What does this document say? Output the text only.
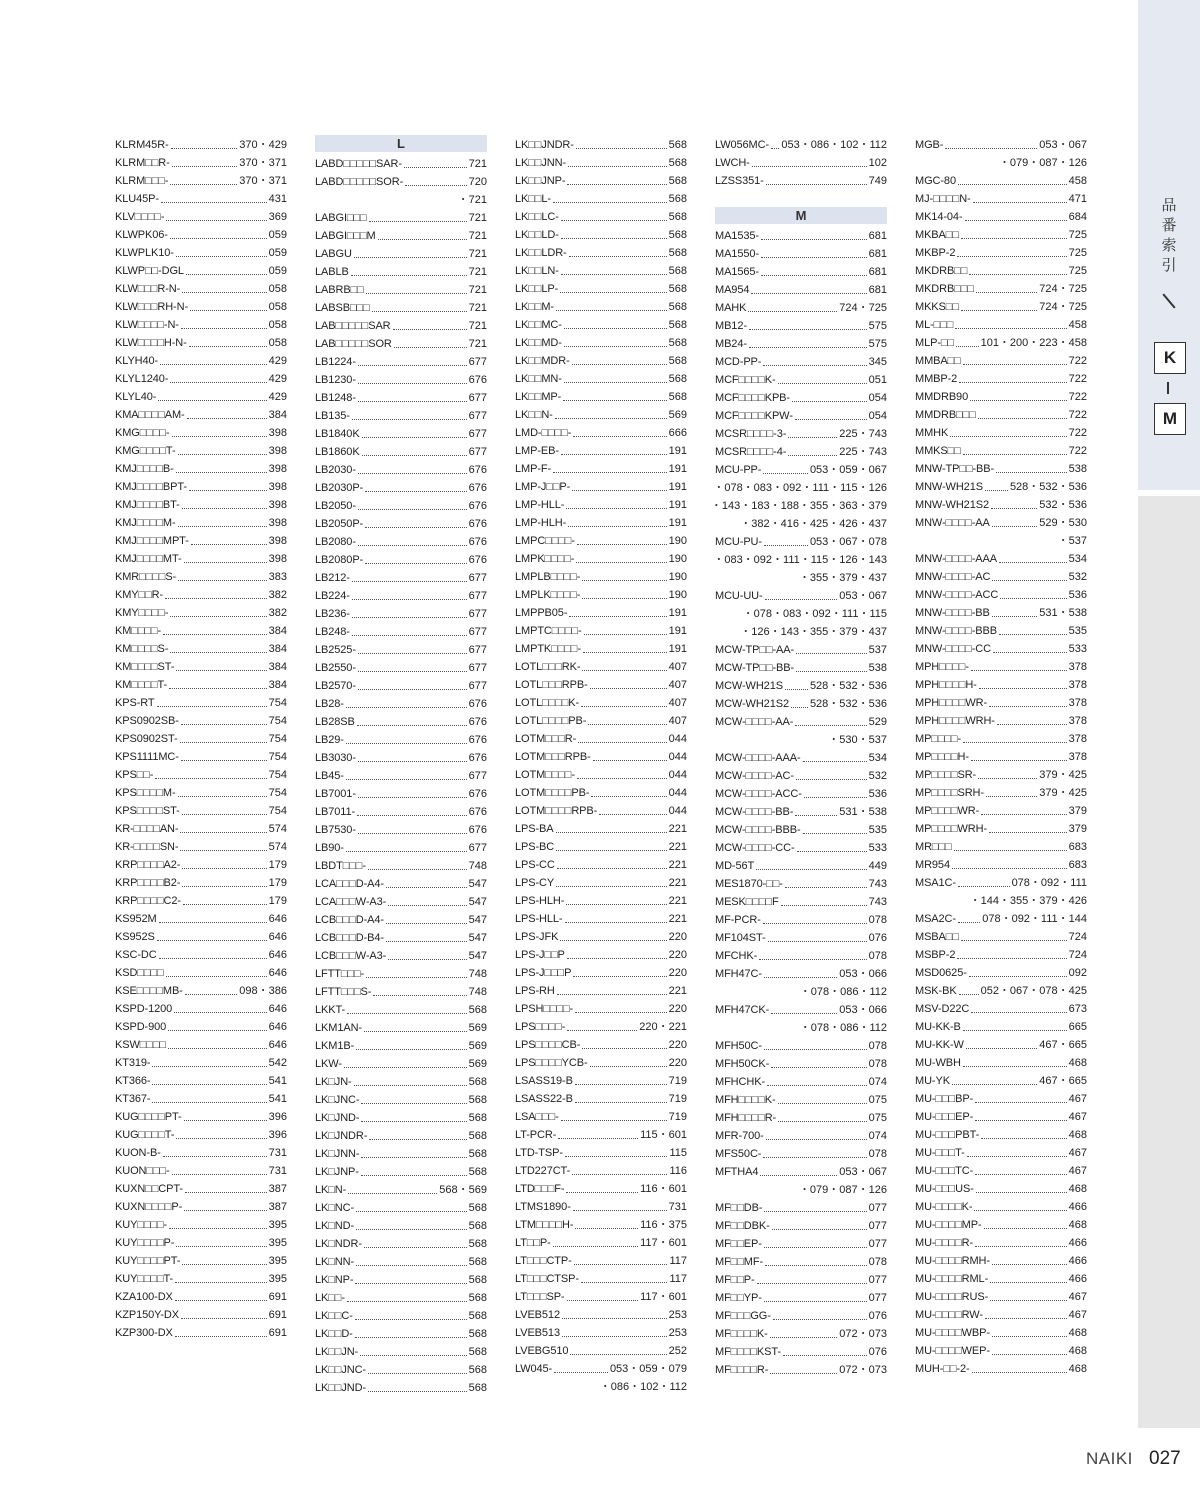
KLRM45R-	370・429
KLRM□□R-	370・371
KLRM□□□-	370・371
KLU45P-	431
KLV□□□□-	369
KLWPK06-	059
KLWPLK10-	059
KLWP□□-DGL	059
KLW□□□R-N-	058
KLW□□□RH-N-	058
KLW□□□□-N-	058
KLW□□□□H-N-	058
KLYH40-	429
KLYL1240-	429
KLYL40-	429
KMA□□□□AM-	384
KMG□□□□-	398
KMG□□□□T-	398
KMJ□□□□B-	398
KMJ□□□□BPT-	398
KMJ□□□□BT-	398
KMJ□□□□M-	398
KMJ□□□□MPT-	398
KMJ□□□□MT-	398
KMR□□□□S-	383
KMY□□R-	382
KMY□□□□-	382
KM□□□□-	384
KM□□□□S-	384
KM□□□□ST-	384
KM□□□□T-	384
KPS-RT	754
KPS0902SB-	754
KPS0902ST-	754
KPS1111MC-	754
KPS□□-	754
KPS□□□□M-	754
KPS□□□□ST-	754
KR-□□□□AN-	574
KR-□□□□SN-	574
KRP□□□□A2-	179
KRP□□□□B2-	179
KRP□□□□C2-	179
KS952M	646
KS952S	646
KSC-DC	646
KSD□□□□	646
KSE□□□□MB-	098・386
KSPD-1200	646
KSPD-900	646
KSW□□□□	646
KT319-	542
KT366-	541
KT367-	541
KUG□□□□PT-	396
KUG□□□□T-	396
KUON-B-	731
KUON□□□-	731
KUXN□□CPT-	387
KUXN□□□□P-	387
KUY□□□□-	395
KUY□□□□P-	395
KUY□□□□PT-	395
KUY□□□□T-	395
KZA100-DX	691
KZP150Y-DX	691
KZP300-DX	691
L
LABD□□□□□SAR-	721
LABD□□□□□SOR-	720
・721
LABGI□□□	721
LABGI□□□M	721
LABGU	721
LABLB	721
LABRB□□	721
LABSB□□□	721
LAB□□□□□SAR	721
LAB□□□□□SOR	721
LB1224-	677
LB1230-	676
LB1248-	677
LB135-	677
LB1840K	677
LB1860K	677
LB2030-	676
LB2030P-	676
LB2050-	676
LB2050P-	676
LB2080-	676
LB2080P-	676
LB212-	677
LB224-	677
LB236-	677
LB248-	677
LB2525-	677
LB2550-	677
LB2570-	677
LB28-	676
LB28SB	676
LB29-	676
LB3030-	676
LB45-	677
LB7001-	676
LB7011-	676
LB7530-	676
LB90-	677
LBDT□□□-	748
LCA□□□D-A4-	547
LCA□□□W-A3-	547
LCB□□□D-A4-	547
LCB□□□D-B4-	547
LCB□□□W-A3-	547
LFTT□□□-	748
LFTT□□□S-	748
LKKT-	568
LKM1AN-	569
LKM1B-	569
LKW-	569
LK□JN-	568
LK□JNC-	568
LK□JND-	568
LK□JNDR-	568
LK□JNN-	568
LK□JNP-	568
LK□N-	568・569
LK□NC-	568
LK□ND-	568
LK□NDR-	568
LK□NN-	568
LK□NP-	568
LK□□-	568
LK□□C-	568
LK□□D-	568
LK□□JN-	568
LK□□JNC-	568
LK□□JND-	568
LK□□JNDR-	568
LK□□JNN-	568
LK□□JNP-	568
LK□□L-	568
LK□□LC-	568
LK□□LD-	568
LK□□LDR-	568
LK□□LN-	568
LK□□LP-	568
LK□□M-	568
LK□□MC-	568
LK□□MD-	568
LK□□MDR-	568
LK□□MN-	568
LK□□MP-	568
LK□□N-	569
LMD-□□□□-	666
LMP-EB-	191
LMP-F-	191
LMP-J□□P-	191
LMP-HLL-	191
LMP-HLH-	191
LMPC□□□□-	190
LMPK□□□□-	190
LMPLB□□□□-	190
LMPLK□□□□-	190
LMPPB05-	191
LMPTC□□□□-	191
LMPTK□□□□-	191
LOTL□□□RK-	407
LOTL□□□RPB-	407
LOTL□□□□K-	407
LOTL□□□□PB-	407
LOTM□□□R-	044
LOTM□□□RPB-	044
LOTM□□□□-	044
LOTM□□□□PB-	044
LOTM□□□□RPB-	044
LPS-BA	221
LPS-BC	221
LPS-CC	221
LPS-CY	221
LPS-HLH-	221
LPS-HLL-	221
LPS-JFK	220
LPS-J□□P	220
LPS-J□□□P	220
LPS-RH	221
LPSH□□□□-	220
LPS□□□□-	220・221
LPS□□□□CB-	220
LPS□□□□YCB-	220
LSASS19-B	719
LSASS22-B	719
LSA□□□-	719
LT-PCR-	115・601
LTD-TSP-	115
LTD227CT-	116
LTD□□□F-	116・601
LTMS1890-	731
LTM□□□□H-	116・375
LT□□P-	117・601
LT□□□CTP-	117
LT□□□CTSP-	117
LT□□□SP-	117・601
LVEB512	253
LVEB513	253
LVEBG510	252
LW045-	053・059・079
・086・102・112
LW056MC- 053・086・102・112
LWCH-	102
LZSS351-	749
M
MA1535-	681
MA1550-	681
MA1565-	681
MA954	681
MAHK	724・725
MB12-	575
MB24-	575
MCD-PP-	345
MCF□□□□K-	051
MCF□□□□KPB-	054
MCF□□□□KPW-	054
MCSR□□□□-3-	225・743
MCSR□□□□-4-	225・743
MCU-PP-	053・059・067
・078・083・092・111・115・126
・143・183・188・355・363・379
・382・416・425・426・437
MCU-PU-	053・067・078
・083・092・111・115・126・143
・355・379・437
MCU-UU-	053・067
・078・083・092・111・115
・126・143・355・379・437
MCW-TP□□-AA-	537
MCW-TP□□-BB-	538
MCW-WH21S 528・532・536
MCW-WH21S2 528・532・536
MCW-□□□□-AA-	529
・530・537
MCW-□□□□-AAA-	534
MCW-□□□□-AC-	532
MCW-□□□□-ACC-	536
MCW-□□□□-BB-	531・538
MCW-□□□□-BBB-	535
MCW-□□□□-CC-	533
MD-56T	449
MES1870-□□-	743
MESK□□□□F	743
MF-PCR-	078
MF104ST-	076
MFCHK-	078
MFH47C-	053・066
・078・086・112
MFH47CK-	053・066
・078・086・112
MFH50C-	078
MFH50CK-	078
MFHCHK-	074
MFH□□□□K-	075
MFH□□□□R-	075
MFR-700-	074
MFS50C-	078
MFTHA4	053・067
・079・087・126
MF□□DB-	077
MF□□DBK-	077
MF□□EP-	077
MF□□MF-	078
MF□□P-	077
MF□□YP-	077
MF□□□GG-	076
MF□□□□K-	072・073
MF□□□□KST-	076
MF□□□□R-	072・073
MGB-	053・067
・079・087・126
MGC-80	458
MJ-□□□□N-	471
MK14-04-	684
MKBA□□	725
MKBP-2	725
MKDRB□□	725
MKDRB□□□	724・725
MKKS□□	724・725
ML-□□□	458
MLP-□□ 101・200・223・458
MMBA□□	722
MMBP-2	722
MMDRB90	722
MMDRB□□□	722
MMHK	722
MMKS□□	722
MNW-TP□□-BB-	538
MNW-WH21S 528・532・536
MNW-WH21S2	532・536
MNW-□□□□-AA	529・530
・537
MNW-□□□□-AAA	534
MNW-□□□□-AC	532
MNW-□□□□-ACC	536
MNW-□□□□-BB	531・538
MNW-□□□□-BBB	535
MNW-□□□□-CC	533
MPH□□□□-	378
MPH□□□□H-	378
MPH□□□□WR-	378
MPH□□□□WRH-	378
MP□□□□-	378
MP□□□□H-	378
MP□□□□SR-	379・425
MP□□□□SRH-	379・425
MP□□□□WR-	379
MP□□□□WRH-	379
MR□□□	683
MR954	683
MSA1C-	078・092・111
・144・355・379・426
MSA2C- 078・092・111・144
MSBA□□	724
MSBP-2	724
MSD0625-	092
MSK-BK 052・067・078・425
MSV-D22C	673
MU-KK-B	665
MU-KK-W	467・665
MU-WBH	468
MU-YK	467・665
MU-□□□BP-	467
MU-□□□EP-	467
MU-□□□PBT-	468
MU-□□□T-	467
MU-□□□TC-	467
MU-□□□US-	468
MU-□□□□K-	466
MU-□□□□MP-	468
MU-□□□□R-	466
MU-□□□□RMH-	466
MU-□□□□RML-	466
MU-□□□□RUS-	467
MU-□□□□RW-	467
MU-□□□□WBP-	468
MU-□□□□WEP-	468
MUH-□□-2-	468
品
番
索
引
K
M
NAIKI 027
